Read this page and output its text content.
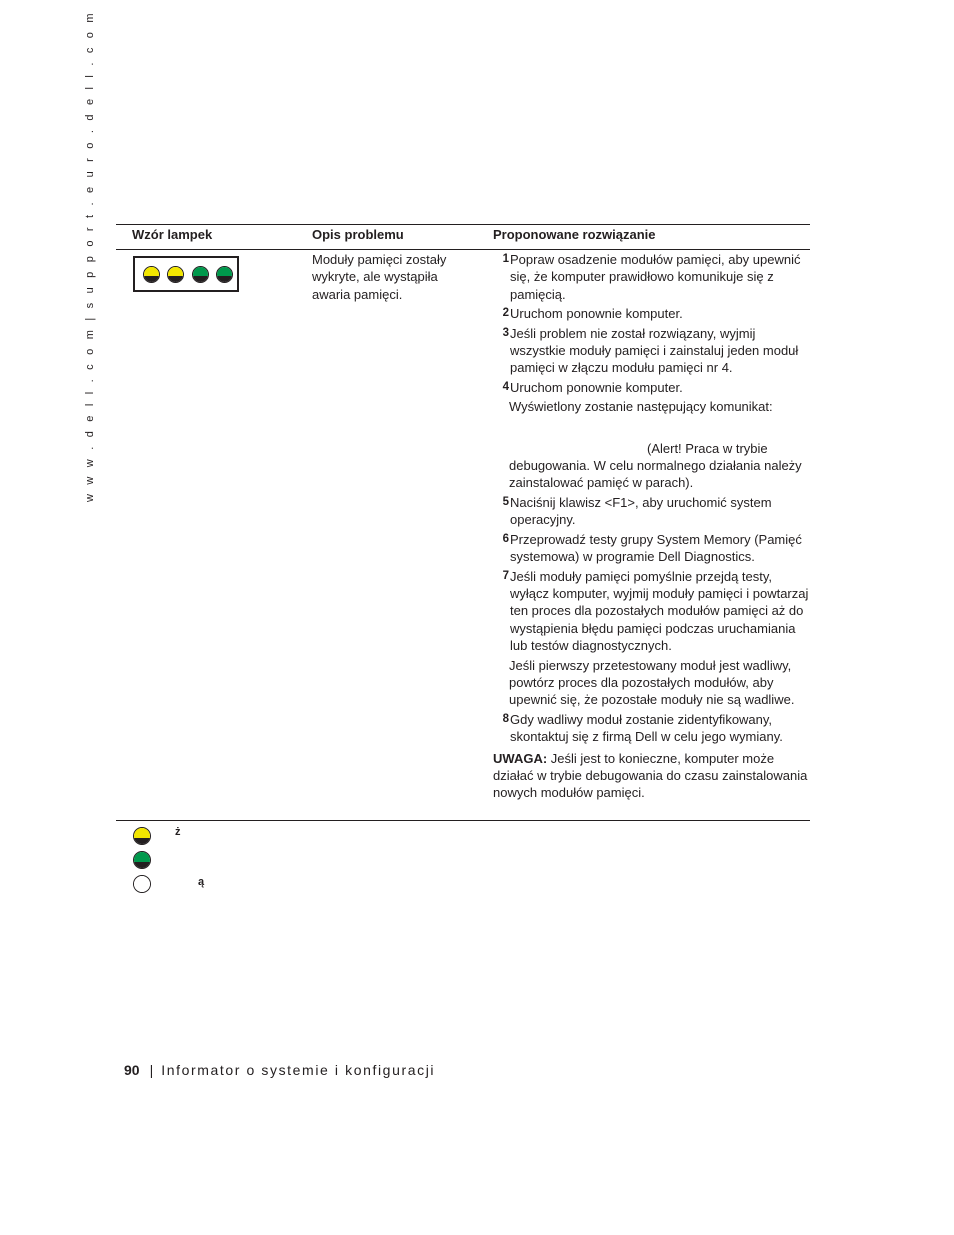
w w w . d e l l . c o m | s u p p o r t . e u r o . d e l l . c o m	Wzór lampek	Opis problemu	Proponowane rozwiązanie
Moduły pamięci zostały wykryte, ale wystąpiła awaria pamięci.
1 Popraw osadzenie modułów pamięci, aby upewnić się, że komputer prawidłowo komunikuje się z pamięcią.
2 Uruchom ponownie komputer.
3 Jeśli problem nie został rozwiązany, wyjmij wszystkie moduły pamięci i zainstaluj jeden moduł pamięci w złączu modułu pamięci nr 4.
4 Uruchom ponownie komputer.
Wyświetlony zostanie następujący komunikat:
(Alert! Praca w trybie debugowania. W celu normalnego działania należy zainstalować pamięć w parach).
5 Naciśnij klawisz <F1>, aby uruchomić system operacyjny.
6 Przeprowadź testy grupy System Memory (Pamięć systemowa) w programie Dell Diagnostics.
7 Jeśli moduły pamięci pomyślnie przejdą testy, wyłącz komputer, wyjmij moduły pamięci i powtarzaj ten proces dla pozostałych modułów pamięci aż do wystąpienia błędu pamięci podczas uruchamiania lub testów diagnostycznych.
Jeśli pierwszy przetestowany moduł jest wadliwy, powtórz proces dla pozostałych modułów, aby upewnić się, że pozostałe moduły nie są wadliwe.
8 Gdy wadliwy moduł zostanie zidentyfikowany, skontaktuj się z firmą Dell w celu jego wymiany.
UWAGA: Jeśli jest to konieczne, komputer może działać w trybie debugowania do czasu zainstalowania nowych modułów pamięci.
ż
ą
90 | Informator o systemie i konfiguracji
